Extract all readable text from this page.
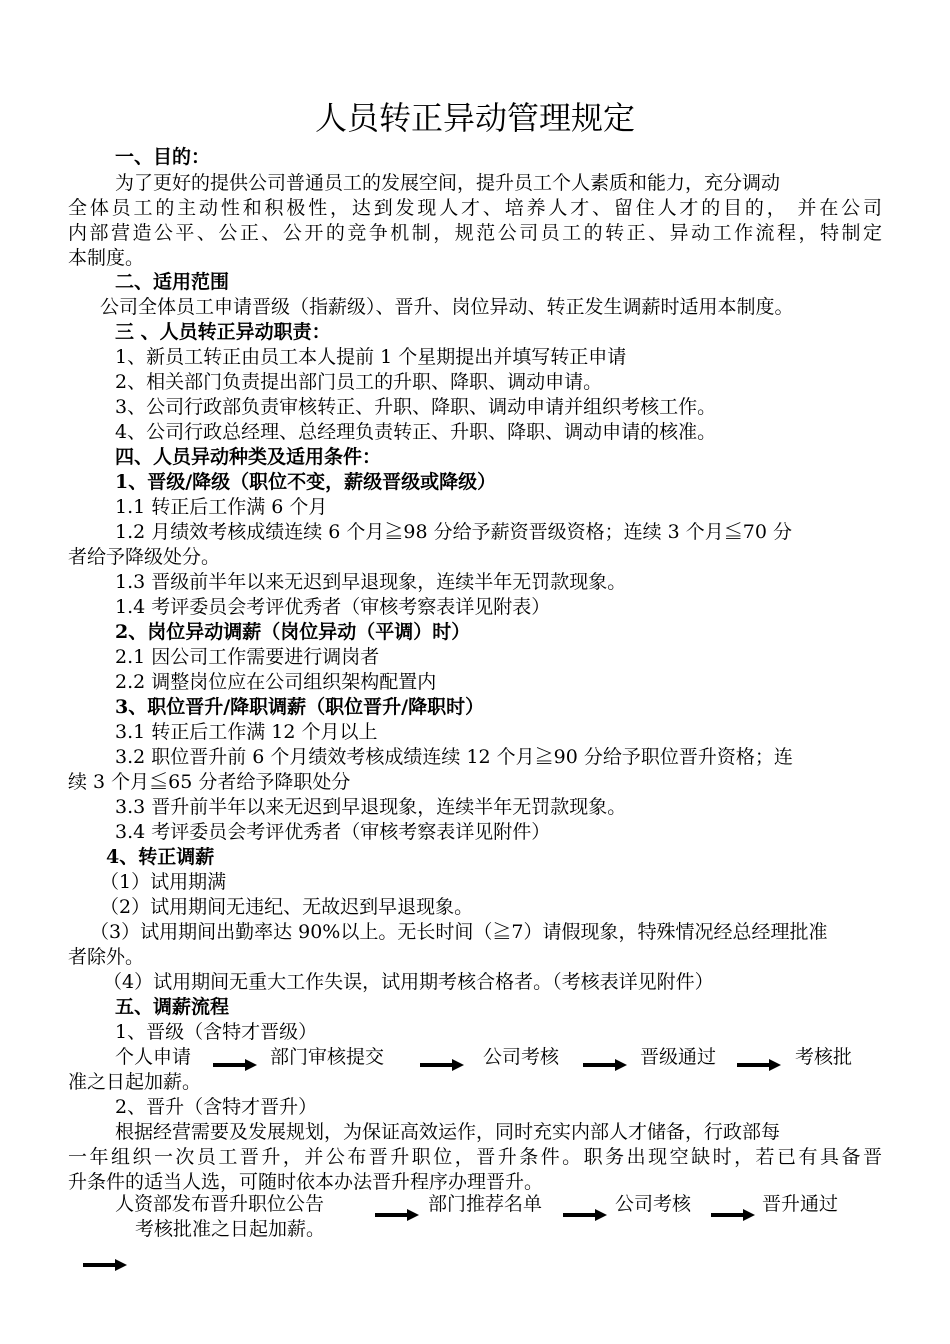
人员转正异动管理规定
一、目的：
为了更好的提供公司普通员工的发展空间，提升员工个人素质和能力，充分调动
全体员工的主动性和积极性，达到发现人才、培养人才、留住人才的目的， 并在公司
内部营造公平、公正、公开的竞争机制，规范公司员工的转正、异动工作流程，特制定
本制度。
二、适用范围
公司全体员工申请晋级（指薪级）、晋升、岗位异动、转正发生调薪时适用本制度。
三 、人员转正异动职责：
1、新员工转正由员工本人提前 1 个星期提出并填写转正申请
2、相关部门负责提出部门员工的升职、降职、调动申请。
3、公司行政部负责审核转正、升职、降职、调动申请并组织考核工作。
4、公司行政总经理、总经理负责转正、升职、降职、调动申请的核准。
四、人员异动种类及适用条件：
1、晋级/降级（职位不变，薪级晋级或降级）
1.1 转正后工作满 6 个月
1.2 月绩效考核成绩连续 6 个月≧98 分给予薪资晋级资格；连续 3 个月≦70 分
者给予降级处分。
1.3 晋级前半年以来无迟到早退现象，连续半年无罚款现象。
1.4 考评委员会考评优秀者（审核考察表详见附表）
2、岗位异动调薪（岗位异动（平调）时）
2.1 因公司工作需要进行调岗者
2.2 调整岗位应在公司组织架构配置内
3、职位晋升/降职调薪（职位晋升/降职时）
3.1 转正后工作满 12 个月以上
3.2 职位晋升前 6 个月绩效考核成绩连续 12 个月≧90 分给予职位晋升资格；连
续 3 个月≦65 分者给予降职处分
3.3 晋升前半年以来无迟到早退现象，连续半年无罚款现象。
3.4 考评委员会考评优秀者（审核考察表详见附件）
4、转正调薪
（1）试用期满
（2）试用期间无违纪、无故迟到早退现象。
（3）试用期间出勤率达 90%以上。无长时间（≧7）请假现象，特殊情况经总经理批准
者除外。
（4）试用期间无重大工作失误，试用期考核合格者。（考核表详见附件）
五、调薪流程
1、晋级（含特才晋级）
个人申请	部门审核提交	公司考核	晋级通过	考核批
准之日起加薪。
2、晋升（含特才晋升）
根据经营需要及发展规划，为保证高效运作，同时充实内部人才储备，行政部每
一年组织一次员工晋升，并公布晋升职位，晋升条件。职务出现空缺时，若已有具备晋
升条件的适当人选，可随时依本办法晋升程序办理晋升。
人资部发布晋升职位公告	部门推荐名单	公司考核	晋升通过
考核批准之日起加薪。
